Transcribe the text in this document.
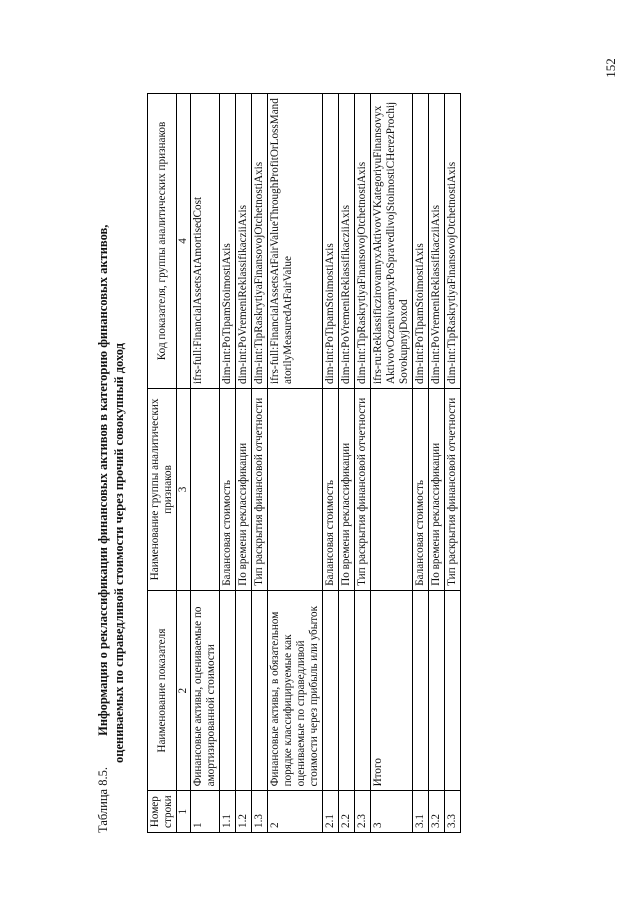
152
Таблица 8.5. Информация о реклассификации финансовых активов в категорию финансовых активов, оцениваемых по справедливой стоимости через прочий совокупный доход
Номер строки	Наименование показателя	Наименование группы аналитических признаков	Код показателя, группы аналитических признаков
1	2	3	4
1	Финансовые активы, оцениваемые по амортизированной стоимости		ifrs-full:FinancialAssetsAtAmortisedCost
1.1		Балансовая стоимость	dim-int:PoTipamStoimostiAxis
1.2		По времени реклассификации	dim-int:PoVremeniReklassifikacziiAxis
1.3		Тип раскрытия финансовой отчетности	dim-int:TipRaskrytiyaFinansovojOtchetnostiAxis
2	Финансовые активы, в обязательном порядке классифицируемые как оцениваемые по справедливой стоимости через прибыль или убыток		ifrs-full:FinancialAssetsAtFairValueThroughProfitOrLossMandatorilyMeasuredAtFairValue
2.1		Балансовая стоимость	dim-int:PoTipamStoimostiAxis
2.2		По времени реклассификации	dim-int:PoVremeniReklassifikacziiAxis
2.3		Тип раскрытия финансовой отчетности	dim-int:TipRaskrytiyaFinansovojOtchetnostiAxis
3	Итого		ifrs-ru:ReklassificzirovannyxAktivovVKategoriyuFinansovyxAktivovOczenivaemyxPoSpravedlivojStoimostiCHerezProchijSovokupnyjDoxod
3.1		Балансовая стоимость	dim-int:PoTipamStoimostiAxis
3.2		По времени реклассификации	dim-int:PoVremeniReklassifikacziiAxis
3.3		Тип раскрытия финансовой отчетности	dim-int:TipRaskrytiyaFinansovojOtchetnostiAxis
